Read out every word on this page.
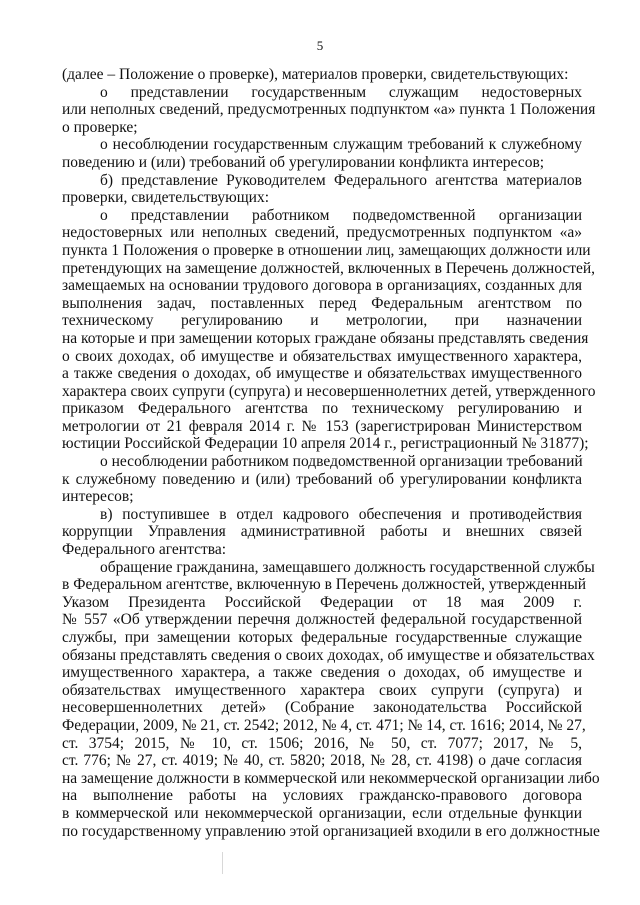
5
(далее – Положение о проверке), материалов проверки, свидетельствующих:
о представлении государственным служащим недостоверных
или неполных сведений, предусмотренных подпунктом «а» пункта 1 Положения
о проверке;
о несоблюдении государственным служащим требований к служебному
поведению и (или) требований об урегулировании конфликта интересов;
б) представление Руководителем Федерального агентства материалов
проверки, свидетельствующих:
о представлении работником подведомственной организации
недостоверных или неполных сведений, предусмотренных подпунктом «а»
пункта 1 Положения о проверке в отношении лиц, замещающих должности или
претендующих на замещение должностей, включенных в Перечень должностей,
замещаемых на основании трудового договора в организациях, созданных для
выполнения задач, поставленных перед Федеральным агентством по
техническому регулированию и метрологии, при назначении
на которые и при замещении которых граждане обязаны представлять сведения
о своих доходах, об имуществе и обязательствах имущественного характера,
а также сведения о доходах, об имуществе и обязательствах имущественного
характера своих супруги (супруга) и несовершеннолетних детей, утвержденного
приказом Федерального агентства по техническому регулированию и
метрологии от 21 февраля 2014 г. № 153 (зарегистрирован Министерством
юстиции Российской Федерации 10 апреля 2014 г., регистрационный № 31877);
о несоблюдении работником подведомственной организации требований
к служебному поведению и (или) требований об урегулировании конфликта
интересов;
в) поступившее в отдел кадрового обеспечения и противодействия
коррупции Управления административной работы и внешних связей
Федерального агентства:
обращение гражданина, замещавшего должность государственной службы
в Федеральном агентстве, включенную в Перечень должностей, утвержденный
Указом Президента Российской Федерации от 18 мая 2009 г.
№ 557 «Об утверждении перечня должностей федеральной государственной
службы, при замещении которых федеральные государственные служащие
обязаны представлять сведения о своих доходах, об имуществе и обязательствах
имущественного характера, а также сведения о доходах, об имуществе и
обязательствах имущественного характера своих супруги (супруга) и
несовершеннолетних детей» (Собрание законодательства Российской
Федерации, 2009, № 21, ст. 2542; 2012, № 4, ст. 471; № 14, ст. 1616; 2014, № 27,
ст. 3754; 2015, № 10, ст. 1506; 2016, № 50, ст. 7077; 2017, № 5,
ст. 776; № 27, ст. 4019; № 40, ст. 5820; 2018, № 28, ст. 4198) о даче согласия
на замещение должности в коммерческой или некоммерческой организации либо
на выполнение работы на условиях гражданско-правового договора
в коммерческой или некоммерческой организации, если отдельные функции
по государственному управлению этой организацией входили в его должностные
